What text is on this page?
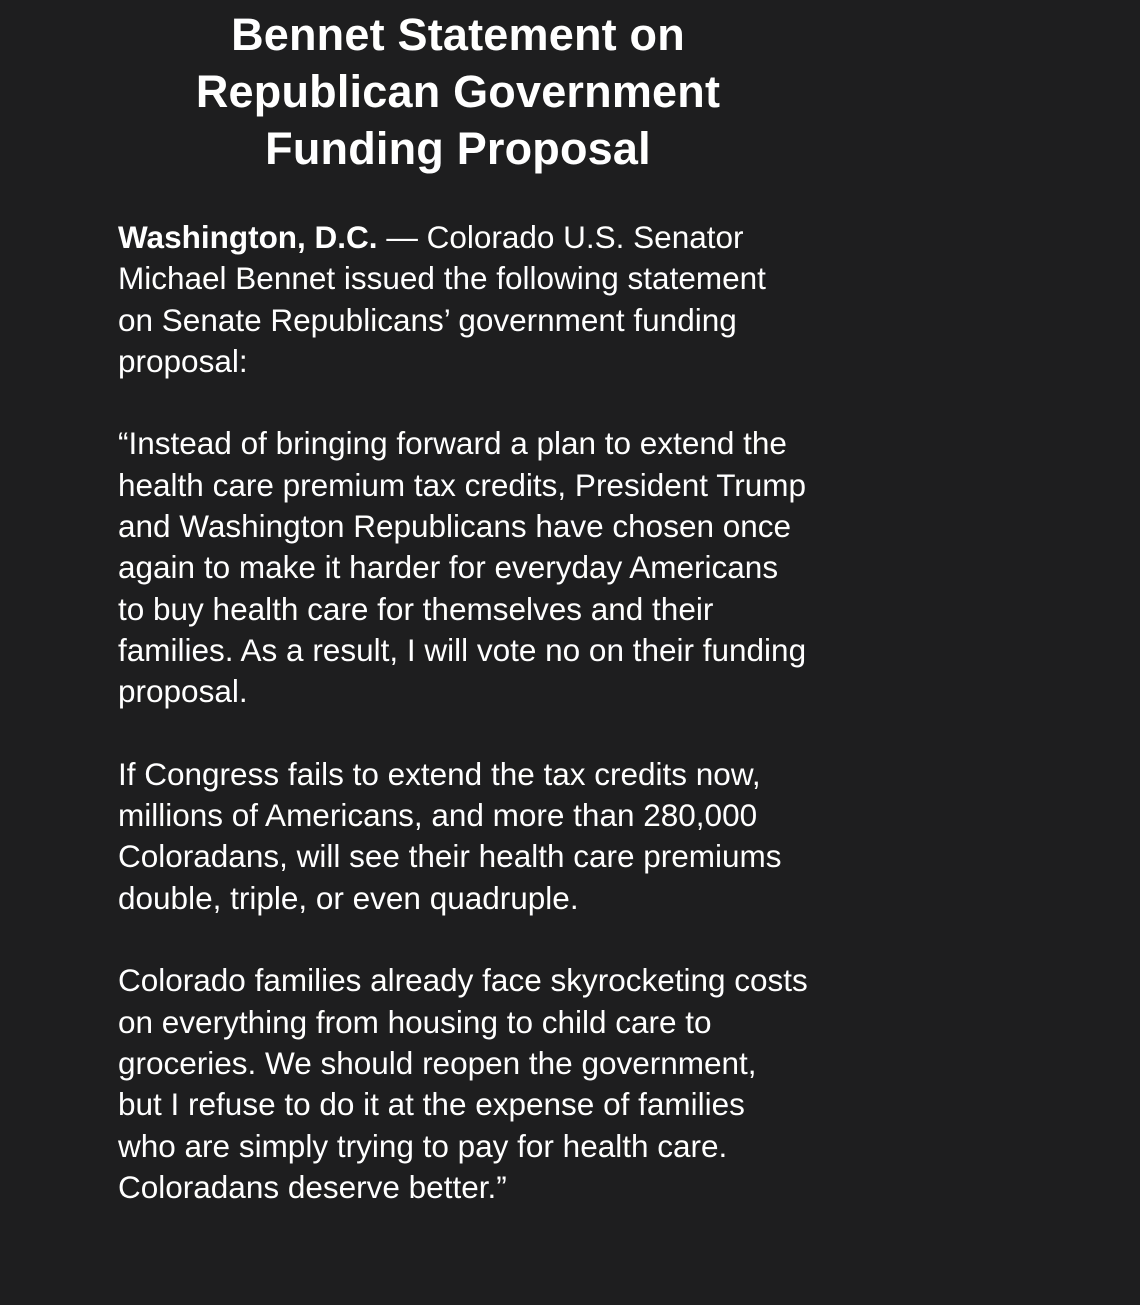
Bennet Statement on Republican Government Funding Proposal

Washington, D.C. — Colorado U.S. Senator Michael Bennet issued the following statement on Senate Republicans’ government funding proposal:

“Instead of bringing forward a plan to extend the health care premium tax credits, President Trump and Washington Republicans have chosen once again to make it harder for everyday Americans to buy health care for themselves and their families. As a result, I will vote no on their funding proposal.

If Congress fails to extend the tax credits now, millions of Americans, and more than 280,000 Coloradans, will see their health care premiums double, triple, or even quadruple.

Colorado families already face skyrocketing costs on everything from housing to child care to groceries. We should reopen the government, but I refuse to do it at the expense of families who are simply trying to pay for health care. Coloradans deserve better.”
